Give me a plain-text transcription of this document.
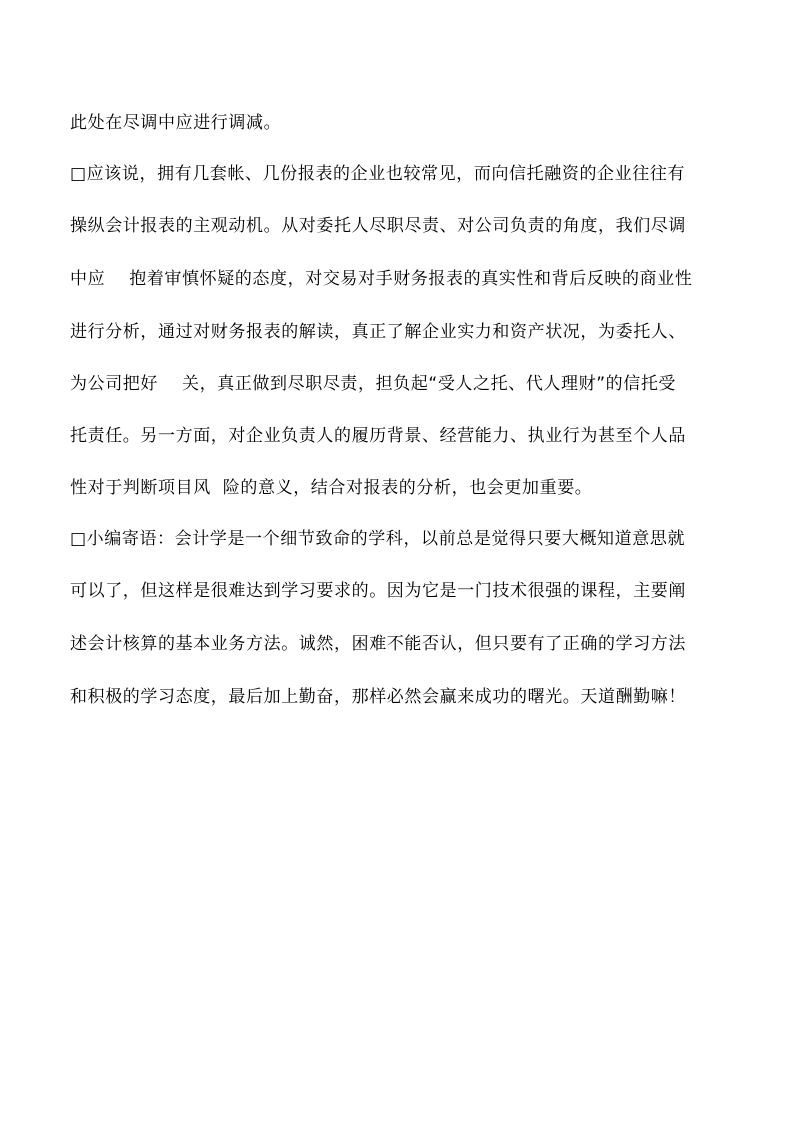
此处在尽调中应进行调减。
□应该说，拥有几套帐、几份报表的企业也较常见，而向信托融资的企业往往有
操纵会计报表的主观动机。从对委托人尽职尽责、对公司负责的角度，我们尽调
中应    抱着审慎怀疑的态度，对交易对手财务报表的真实性和背后反映的商业性
进行分析，通过对财务报表的解读，真正了解企业实力和资产状况，为委托人、
为公司把好    关，真正做到尽职尽责，担负起“受人之托、代人理财”的信托受
托责任。另一方面，对企业负责人的履历背景、经营能力、执业行为甚至个人品
性对于判断项目风  险的意义，结合对报表的分析，也会更加重要。
□小编寄语：会计学是一个细节致命的学科，以前总是觉得只要大概知道意思就
可以了，但这样是很难达到学习要求的。因为它是一门技术很强的课程，主要阐
述会计核算的基本业务方法。诚然，困难不能否认，但只要有了正确的学习方法
和积极的学习态度，最后加上勤奋，那样必然会赢来成功的曙光。天道酬勤嘛！
